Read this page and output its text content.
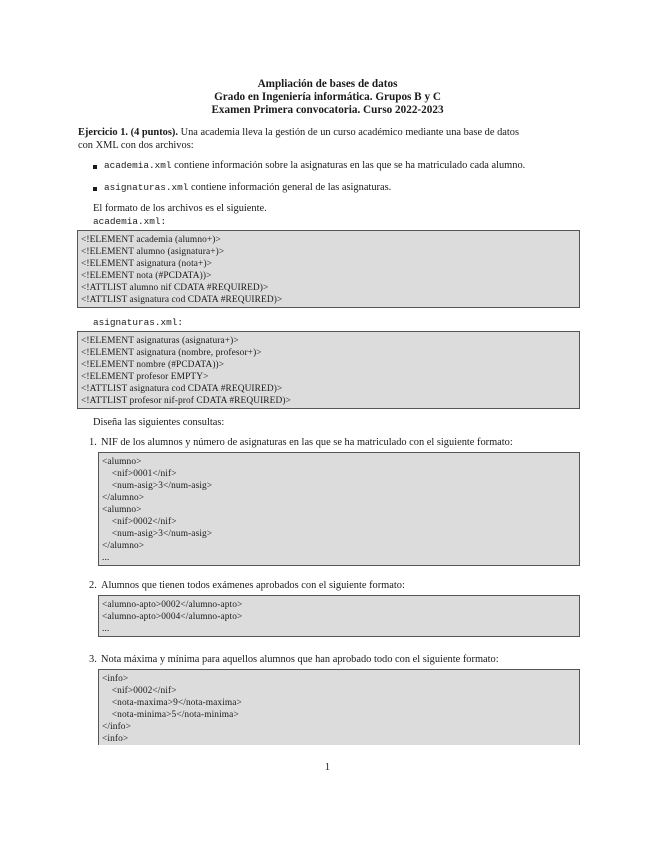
Ampliación de bases de datos
Grado en Ingeniería informática. Grupos B y C
Examen Primera convocatoria. Curso 2022-2023
Ejercicio 1. (4 puntos). Una academia lleva la gestión de un curso académico mediante una base de datos
con XML con dos archivos:
academia.xml contiene información sobre la asignaturas en las que se ha matriculado cada alumno.
asignaturas.xml contiene información general de las asignaturas.
El formato de los archivos es el siguiente.
academia.xml:
<!ELEMENT academia (alumno+)>
<!ELEMENT alumno (asignatura+)>
<!ELEMENT asignatura (nota+)>
<!ELEMENT nota (#PCDATA))>
<!ATTLIST alumno nif CDATA #REQUIRED)>
<!ATTLIST asignatura cod CDATA #REQUIRED)>
asignaturas.xml:
<!ELEMENT asignaturas (asignatura+)>
<!ELEMENT asignatura (nombre, profesor+)>
<!ELEMENT nombre (#PCDATA))>
<!ELEMENT profesor EMPTY>
<!ATTLIST asignatura cod CDATA #REQUIRED)>
<!ATTLIST profesor nif-prof CDATA #REQUIRED)>
Diseña las siguientes consultas:
1. NIF de los alumnos y número de asignaturas en las que se ha matriculado con el siguiente formato:
<alumno>
<nif>0001</nif>
<num-asig>3</num-asig>
</alumno>
<alumno>
<nif>0002</nif>
<num-asig>3</num-asig>
</alumno>
...
2. Alumnos que tienen todos exámenes aprobados con el siguiente formato:
<alumno-apto>0002</alumno-apto>
<alumno-apto>0004</alumno-apto>
...
3. Nota máxima y mínima para aquellos alumnos que han aprobado todo con el siguiente formato:
<info>
<nif>0002</nif>
<nota-maxima>9</nota-maxima>
<nota-minima>5</nota-minima>
</info>
<info>
1
